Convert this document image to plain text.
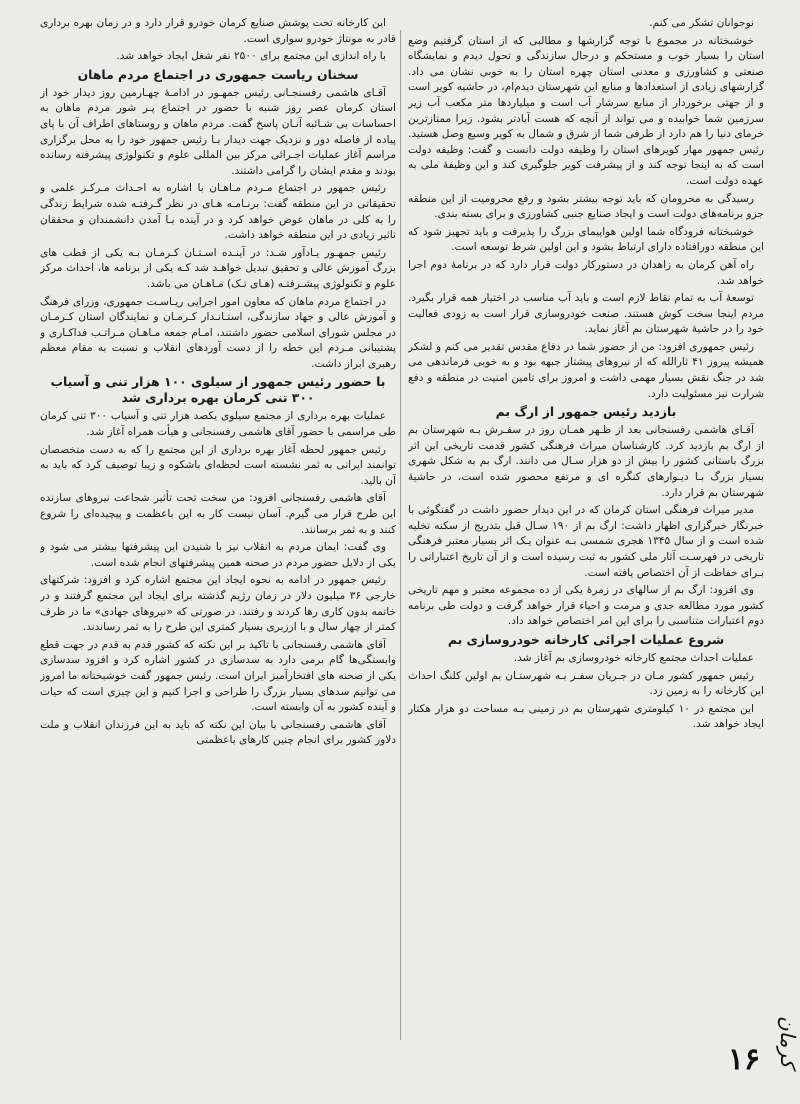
نوجوانان تشکر می کنم.

خوشبختانه در مجموع با توجه گزارشها و مطالبی که از استان گرفتیم وضع استان را بسیار خوب و مستحکم و درحال سازندگی و تحول دیدم و نمایشگاه صنعتی و کشاورزی و معدنی استان چهره استان را به خوبی نشان می داد. گزارشهای زیادی از استعدادها و منابع این شهرستان دیدم‌ام، در حاشیه کویر است و از جهتی برخوردار از منابع سرشار آب است و میلیاردها متر مکعب آب زیر سرزمین شما خوابیده و می تواند از آنچه که هست آبادتر بشود. زیرا ممتازترین خرمای دنیا را هم دارد از طرفی شما از شرق و شمال به کویر وسیع وصل هستید. رئیس جمهور مهار کویرهای استان را وظیفه دولت دانست و گفت: وظیفه دولت است که به اینجا توجه کند و از پیشرفت کویر جلوگیری کند و این وظیفهٔ ملی به عهده دولت است.

رسیدگی به محرومان که باید توجه بیشتر بشود و رفع محرومیت از این منطقه جزو برنامه‌های دولت است و ایجاد صنایع جنبی کشاورزی و برای بسته بندی.

خوشبختانه فرودگاه شما اولین هواپیمای بزرگ را پذیرفت و باید تجهیز شود که این منطقه دورافتاده دارای ارتباط بشود و این اولین شرط توسعه است.

راه آهن کرمان به زاهدان در دستورکار دولت قرار دارد که در برنامهٔ دوم اجرا خواهد شد.

توسعهٔ آب به تمام نقاط لازم است و باید آب مناسب در اختیار همه قرار بگیرد. مردم اینجا سخت کوش هستند. صنعت خودروسازی قرار است به زودی فعالیت خود را در حاشیهٔ شهرستان بم آغاز نماید.

رئیس جمهوری افزود: من از حضور شما در دفاع مقدس تقدیر می کنم و لشکر همیشه پیروز ۴۱ ثارالله که از نیروهای پیشتاز جبهه بود و به خوبی فرماندهی می شد در جنگ نقش بسیار مهمی داشت و امروز برای تامین امنیت در منطقه و دفع شرارت نیز مسئولیت دارد.

بازدید رئیس جمهور از ارگ بم

آقـای هاشمی رفسنجانی بعد از ظـهر همـان روز در سفـرش بـه شهرستان بم از ارگ بم بازدید کرد. کارشناسان میراث فرهنگی کشور قدمت تاریخی این اثر بزرگ باستانی کشور را بیش از دو هزار سـال می دانند. ارگ بم به شکل شهری بسیار بزرگ بـا دیـوارهای کنگره ای و مرتفع محصور شده است، در حاشیهٔ شهرستان بم قرار دارد.

مدیر میراث فرهنگی استان کرمان که در این دیدار حضور داشت در گفتگوئی با خبرنگار خبرگزاری اظهار داشت: ارگ بم از ۱۹۰ سـال قبل بتدریج از سکنه تخلیه شده است و از سال ۱۳۴۵ هجری شمسی بـه عنوان یـک اثر بسیار معتبر فرهنگی تاریخی در فهرسـت آثار ملی کشور به ثبت رسیده است و از آن تاریخ اعتباراتی را بـرای حفاظت از آن اختصاص یافته است.

وی افزود: ارگ بم از سالهای در زمرهٔ یکی از ده مجموعه معتبر و مهم تاریخی کشور مورد مطالعه جدی و مرمت و احیاء قرار خواهد گرفت و دولت طی برنامه دوم اعتبارات متناسبی را برای این امر اختصاص خواهد داد.

شروع عملیات اجرائی کارخانه خودروسازی بم

عملیات احداث مجتمع کارخانه خودروسازی بم آغاز شد.

رئیس جمهور کشور مـان در جـریان سفـر بـه شهرستـان بم اولین کلنگ احداث این کارخانه را به زمین زد.

این مجتمع در ۱۰ کیلومتری شهرستان بم در زمینی بـه مساحت دو هزار هکتار ایجاد خواهد شد.

این کارخانه تحت پوشش صنایع کرمان خودرو قرار دارد و در زمان بهره برداری قادر به مونتاژ خودرو سواری است.

با راه اندازی این مجتمع برای ۲۵۰۰ نفر شغل ایجاد خواهد شد.

سخنان ریاست جمهوری در اجتماع مردم ماهان

آقـای هاشمی رفسنجـانی رئیس جمهـور در ادامـهٔ چهـارمین روز دیدار خود از استان کرمان عصر روز شنبه با حضور در اجتماع پـر شور مردم ماهان به احساسات بی شـائبه آنـان پاسخ گفت. مردم ماهان و روستاهای اطراف آن با پای پیاده از فاصله دور و نزدیک جهت دیدار بـا رئیس جمهور خود را به محل برگزاری مراسم آغاز عملیات اجـرائی مرکز بین المللی علوم و تکنولوژی پیشرفته رسانده بودند و مقدم ایشان را گرامی داشتند.

رئیس جمهور در اجتماع مـردم مـاهـان با اشاره به احـداث مـرکـز علمی و تحقیقاتی در این منطقه گفت: برنـامـه هـای در نظر گـرفتـه شده شرایط زندگی را به کلی در ماهان عوض خواهد کرد و در آینده بـا آمدن دانشمندان و محققان تاثیر زیادی در این منطقه خواهد داشت.

رئیس جمهـور یـادآور شـد: در آینـده اسـتـان کـرمـان بـه یکی از قطب های بزرگ آموزش عالی و تحقیق تبدیل خواهـد شد کـه یکی از برنامه ها، احداث مرکز علوم و تکنولوژی پیشـرفتـه (هـای تـک) مـاهـان می باشد.

در اجتماع مردم ماهان که معاون امور اجرایی ریـاسـت جمهوری، وزرای فرهنگ و آموزش عالی و جهاد سازندگی، استـانـدار کـرمـان و نمایندگان استان کـرمـان در مجلس شورای اسلامی حضور داشتند، امـام جمعه مـاهـان مـراتـب فداکـاری و پشتیبانی مـردم این خطه را از دست آوردهای انقلاب و نسبت به مقام معظم رهبری ابراز داشت.

با حضور رئیس جمهور از سیلوی ۱۰۰ هزار تنی و آسیاب ۳۰۰ تنی کرمان بهره برداری شد

عملیات بهره برداری از مجتمع سیلوی یکصد هزار تنی و آسیاب ۳۰۰ تنی کرمان طی مراسمی با حضور آقای هاشمی رفسنجانی و هیأت همراه آغاز شد.

رئیس جمهور لحظه آغاز بهره برداری از این مجتمع را که به دست متخصصان توانمند ایرانی به ثمر نشسته است لحظه‌ای باشکوه و زیبا توصیف کرد که باید به آن بالید.

آقای هاشمی رفسنجانی افزود: من سخت تحت تأثیر شجاعت نیروهای سازنده این طرح قرار می گیرم. آسان نیست کار به این باعظمت و پیچیده‌ای را شروع کنند و به ثمر برسانند.

وی گفت: ایمان مردم به انقلاب نیز با شنیدن این پیشرفتها بیشتر می شود و یکی از دلایل حضور مردم در صحنه همین پیشرفتهای انجام شده است.

رئیس جمهور در ادامه به نحوه ایجاد این مجتمع اشاره کرد و افزود: شرکتهای خارجی ۳۶ میلیون دلار در زمان رژیم گذشته برای ایجاد این مجتمع گرفتند و در خاتمه بدون کاری رها کردند و رفتند. در صورتی که «نیروهای جهادی» ما در ظرف کمتر از چهار سال و با ارزبری بسیار کمتری این طرح را به ثمر رساندند.

آقای هاشمی رفسنجانی با تاکید بر این نکته که کشور قدم به قدم در جهت قطع وابستگی‌ها گام برمی دارد به سدسازی در کشور اشاره کرد و افزود سدسازی یکی از صحنه های افتخارآمیز ایران است. رئیس جمهور گفت خوشبختانه ما امروز می توانیم سدهای بسیار بزرگ را طراحی و اجرا کنیم و این چیزی است که حیات و آینده کشور به آن وابسته است.

آقای هاشمی رفسنجانی با بیان این نکته که باید به این فرزندان انقلاب و ملت دلاور کشور برای انجام چنین کارهای باعظمتی

کرمان
۱۶
